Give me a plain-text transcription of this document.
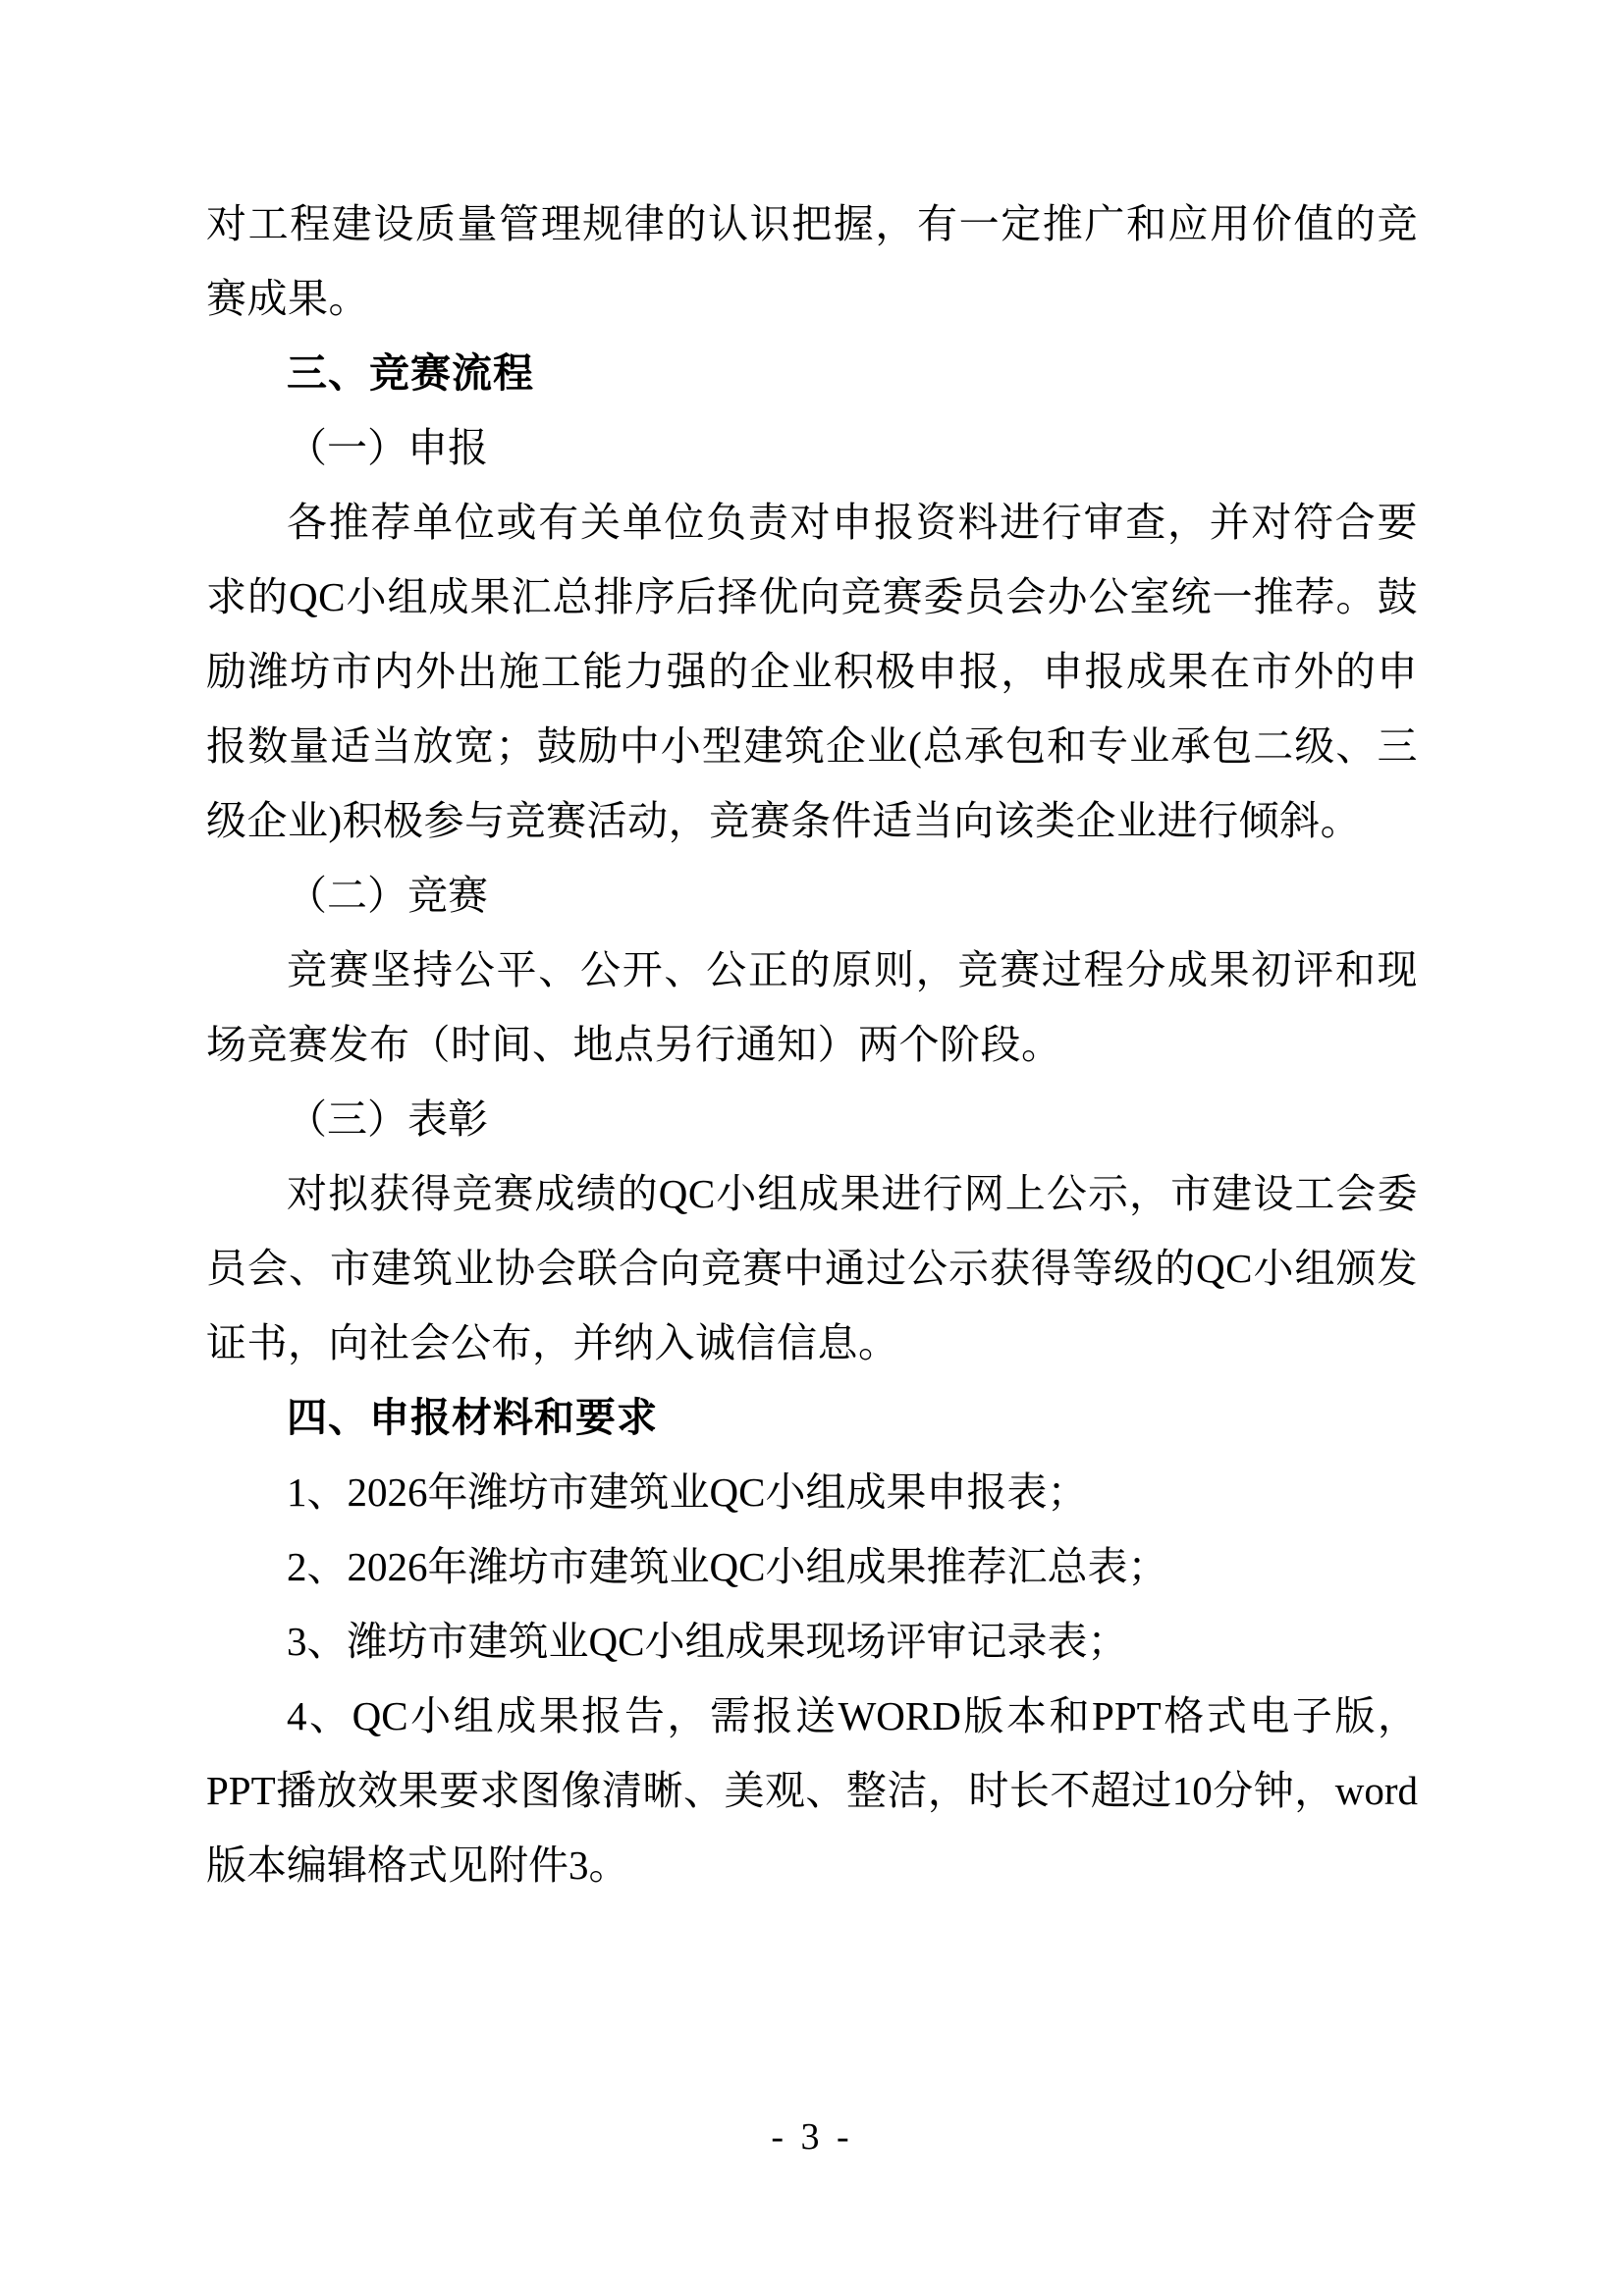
对工程建设质量管理规律的认识把握，有一定推广和应用价值的竞赛成果。

三、竞赛流程

（一）申报

各推荐单位或有关单位负责对申报资料进行审查，并对符合要求的QC小组成果汇总排序后择优向竞赛委员会办公室统一推荐。鼓励潍坊市内外出施工能力强的企业积极申报，申报成果在市外的申报数量适当放宽；鼓励中小型建筑企业(总承包和专业承包二级、三级企业)积极参与竞赛活动，竞赛条件适当向该类企业进行倾斜。

（二）竞赛

竞赛坚持公平、公开、公正的原则，竞赛过程分成果初评和现场竞赛发布（时间、地点另行通知）两个阶段。

（三）表彰

对拟获得竞赛成绩的QC小组成果进行网上公示，市建设工会委员会、市建筑业协会联合向竞赛中通过公示获得等级的QC小组颁发证书，向社会公布，并纳入诚信信息。

四、申报材料和要求

1、2026年潍坊市建筑业QC小组成果申报表；

2、2026年潍坊市建筑业QC小组成果推荐汇总表；

3、潍坊市建筑业QC小组成果现场评审记录表；

4、QC小组成果报告，需报送WORD版本和PPT格式电子版，PPT播放效果要求图像清晰、美观、整洁，时长不超过10分钟，word版本编辑格式见附件3。

- 3 -
